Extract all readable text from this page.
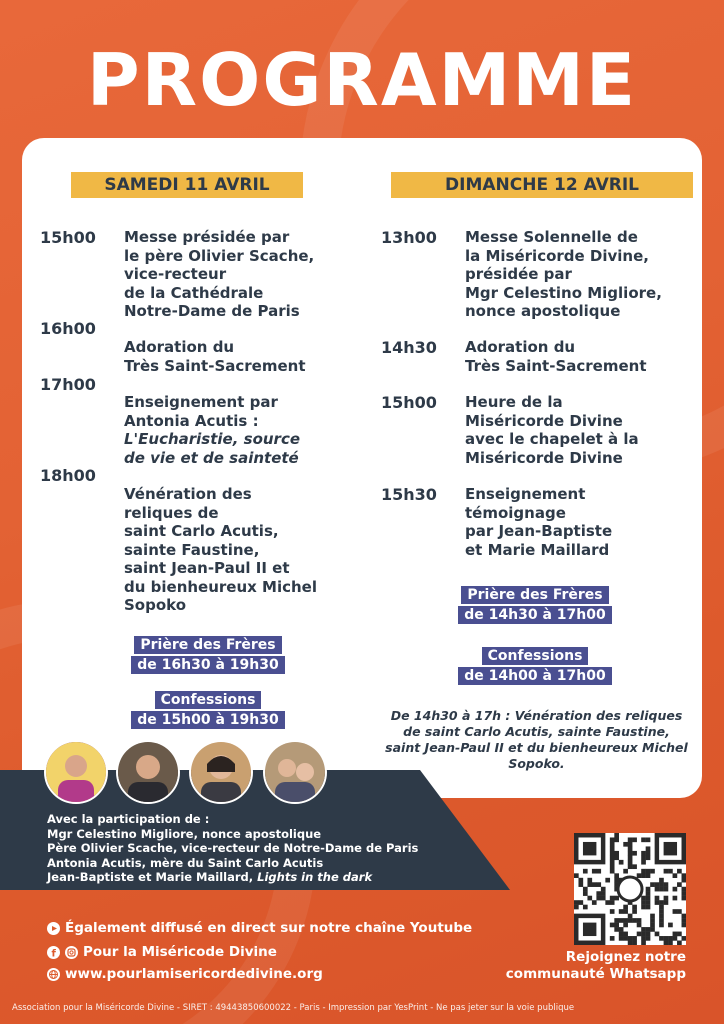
PROGRAMME
SAMEDI 11 AVRIL
15h00 Messe présidée par
le père Olivier Scache,
vice-recteur
de la Cathédrale
Notre-Dame de Paris
16h00
Adoration du
Très Saint-Sacrement
17h00
Enseignement par
Antonia Acutis :
L'Eucharistie, source
de vie et de sainteté
18h00
Vénération des
reliques de
saint Carlo Acutis,
sainte Faustine,
saint Jean-Paul II et
du bienheureux Michel
Sopoko
Prière des Frères
de 16h30 à 19h30
Confessions
de 15h00 à 19h30
DIMANCHE 12 AVRIL
13h00 Messe Solennelle de
la Miséricorde Divine,
présidée par
Mgr Celestino Migliore,
nonce apostolique
14h30 Adoration du
Très Saint-Sacrement
15h00 Heure de la
Miséricorde Divine
avec le chapelet à la
Miséricorde Divine
15h30 Enseignement
témoignage
par Jean-Baptiste
et Marie Maillard
Prière des Frères
de 14h30 à 17h00
Confessions
de 14h00 à 17h00
De 14h30 à 17h : Vénération des reliques de saint Carlo Acutis, sainte Faustine, saint Jean-Paul II et du bienheureux Michel Sopoko.
Avec la participation de :
Mgr Celestino Migliore, nonce apostolique
Père Olivier Scache, vice-recteur de Notre-Dame de Paris
Antonia Acutis, mère du Saint Carlo Acutis
Jean-Baptiste et Marie Maillard, Lights in the dark
Également diffusé en direct sur notre chaîne Youtube
f Pour la Miséricode Divine
www.pourlamisericordedivine.org
Rejoignez notre
communauté Whatsapp
Association pour la Miséricorde Divine - SIRET : 49443850600022 - Paris - Impression par YesPrint - Ne pas jeter sur la voie publique
